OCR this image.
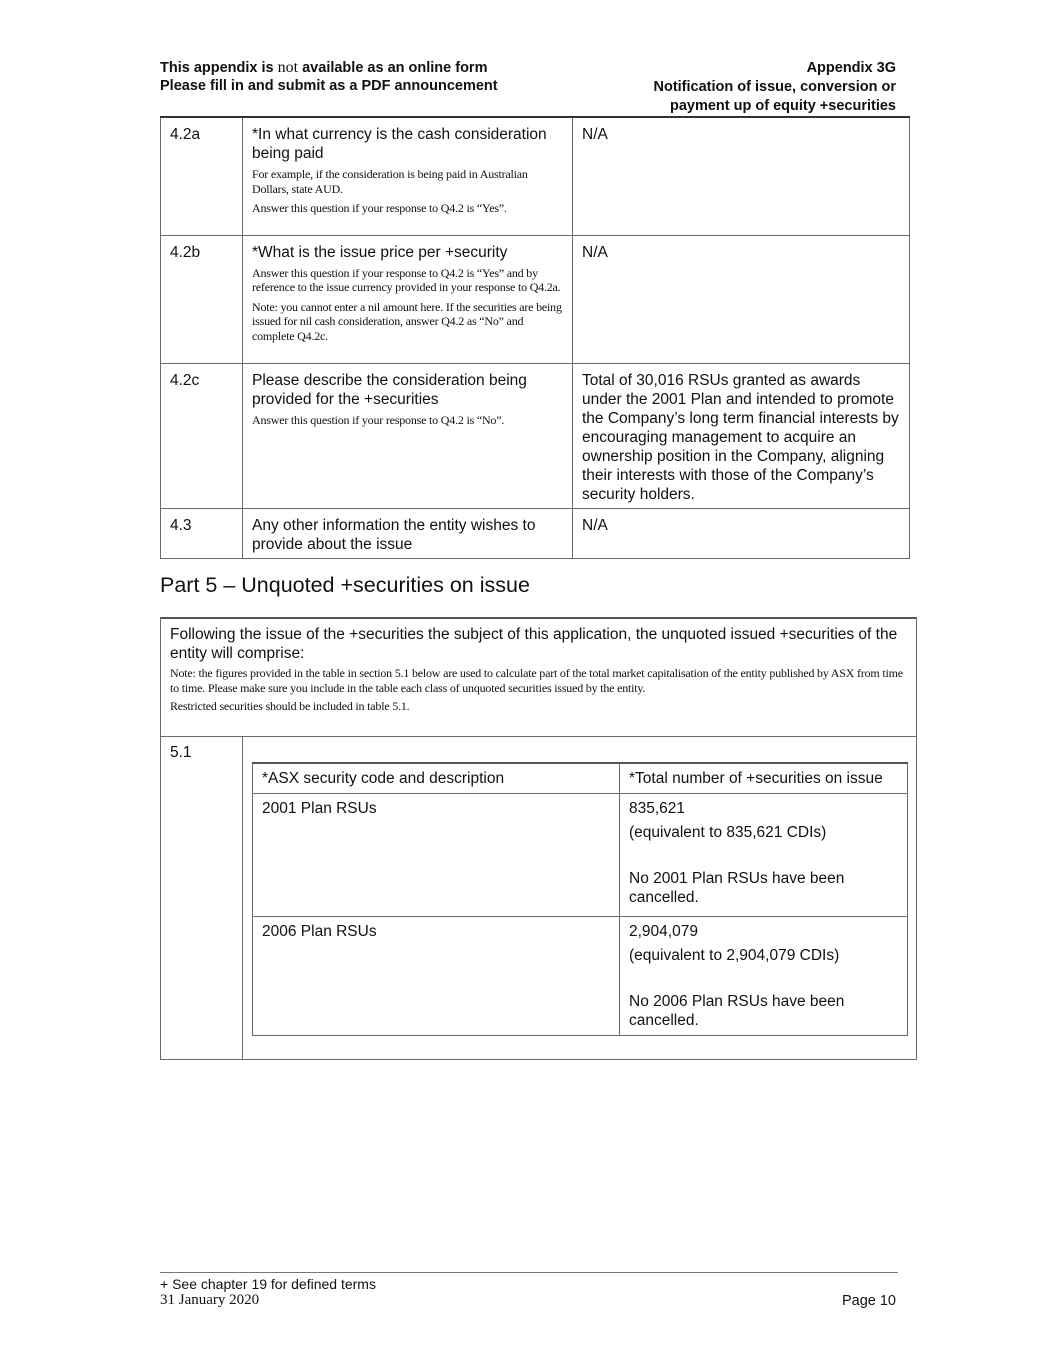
This appendix is not available as an online form
Please fill in and submit as a PDF announcement
Appendix 3G
Notification of issue, conversion or
payment up of equity +securities
4.2a	*In what currency is the cash consideration being paid
For example, if the consideration is being paid in Australian Dollars, state AUD.
Answer this question if your response to Q4.2 is “Yes”.	N/A
4.2b	*What is the issue price per +security
Answer this question if your response to Q4.2 is “Yes” and by reference to the issue currency provided in your response to Q4.2a.
Note: you cannot enter a nil amount here. If the securities are being issued for nil cash consideration, answer Q4.2 as “No” and complete Q4.2c.	N/A
4.2c	Please describe the consideration being provided for the +securities
Answer this question if your response to Q4.2 is “No”.	Total of 30,016 RSUs granted as awards under the 2001 Plan and intended to promote the Company’s long term financial interests by encouraging management to acquire an ownership position in the Company, aligning their interests with those of the Company’s security holders.
4.3	Any other information the entity wishes to provide about the issue	N/A
Part 5 – Unquoted +securities on issue
Following the issue of the +securities the subject of this application, the unquoted issued +securities of the entity will comprise:
Note: the figures provided in the table in section 5.1 below are used to calculate part of the total market capitalisation of the entity published by ASX from time to time. Please make sure you include in the table each class of unquoted securities issued by the entity.
Restricted securities should be included in table 5.1.
5.1
*ASX security code and description	*Total number of +securities on issue
2001 Plan RSUs	835,621
(equivalent to 835,621 CDIs)
No 2001 Plan RSUs have been cancelled.

2006 Plan RSUs	2,904,079
(equivalent to 2,904,079 CDIs)
No 2006 Plan RSUs have been cancelled.
+ See chapter 19 for defined terms
31 January 2020	Page 10
